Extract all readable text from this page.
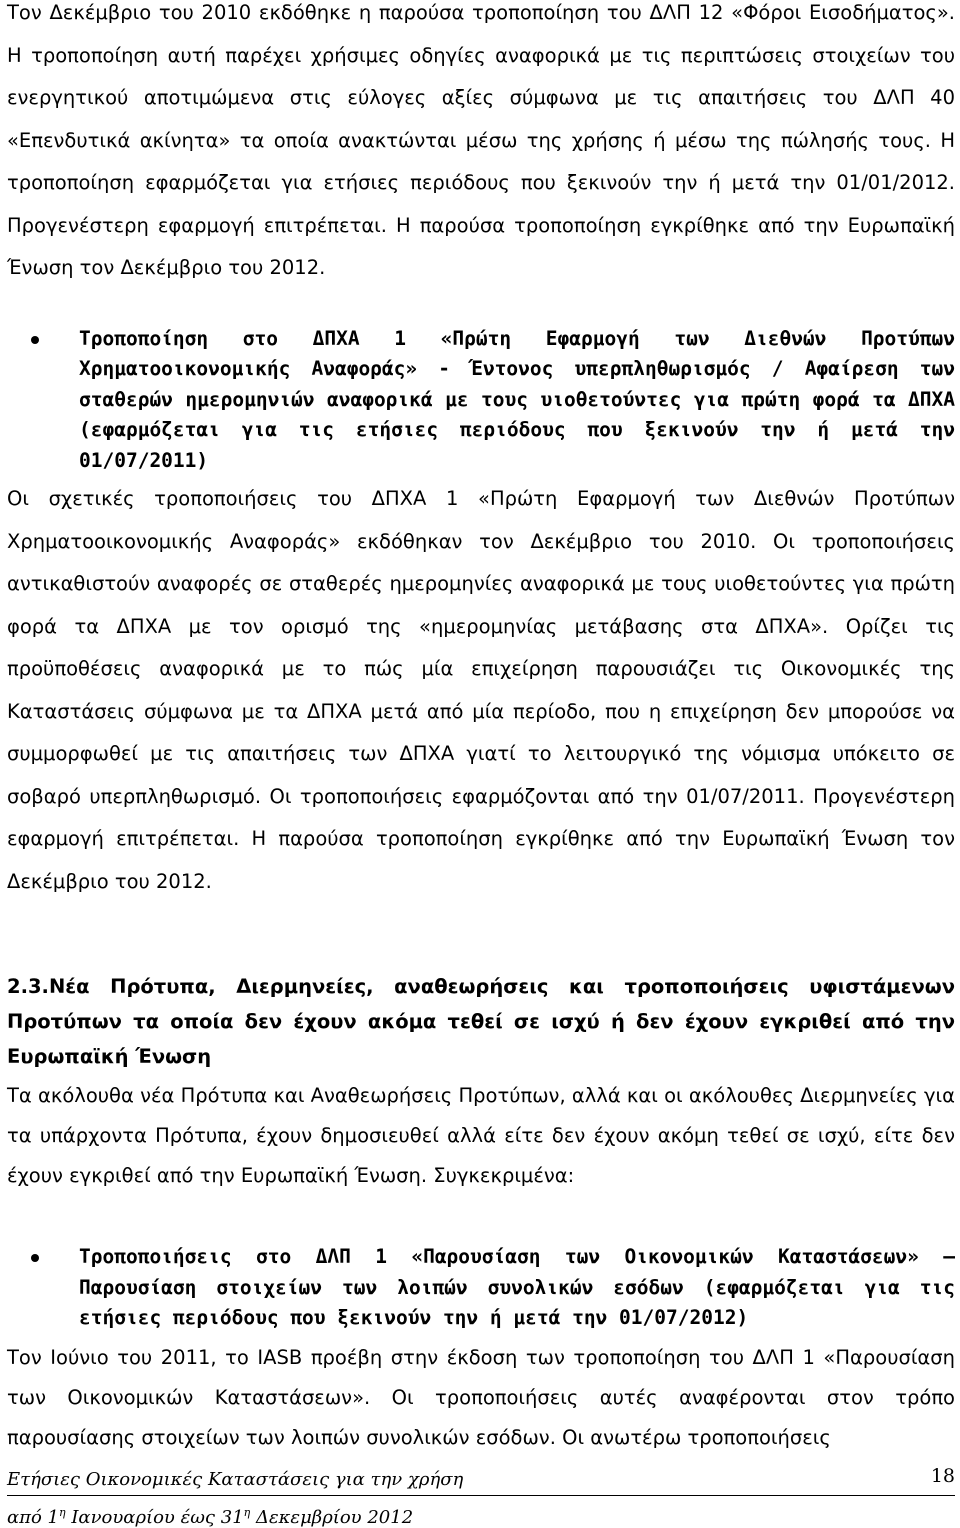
Τον Δεκέμβριο του 2010 εκδόθηκε η παρούσα τροποποίηση του ΔΛΠ 12 «Φόροι Εισοδήματος». Η τροποποίηση αυτή παρέχει χρήσιμες οδηγίες αναφορικά με τις περιπτώσεις στοιχείων του ενεργητικού αποτιμώμενα στις εύλογες αξίες σύμφωνα με τις απαιτήσεις του ΔΛΠ 40 «Επενδυτικά ακίνητα» τα οποία ανακτώνται μέσω της χρήσης ή μέσω της πώλησής τους. Η τροποποίηση εφαρμόζεται για ετήσιες περιόδους που ξεκινούν την ή μετά την 01/01/2012. Προγενέστερη εφαρμογή επιτρέπεται. Η παρούσα τροποποίηση εγκρίθηκε από την Ευρωπαϊκή Ένωση τον Δεκέμβριο του 2012.

Τροποποίηση στο ΔΠΧΑ 1 «Πρώτη Εφαρμογή των Διεθνών Προτύπων Χρηματοοικονομικής Αναφοράς» - Έντονος υπερπληθωρισμός / Αφαίρεση των σταθερών ημερομηνιών αναφορικά με τους υιοθετούντες για πρώτη φορά τα ΔΠΧΑ (εφαρμόζεται για τις ετήσιες περιόδους που ξεκινούν την ή μετά την 01/07/2011)

Οι σχετικές τροποποιήσεις του ΔΠΧΑ 1 «Πρώτη Εφαρμογή των Διεθνών Προτύπων Χρηματοοικονομικής Αναφοράς» εκδόθηκαν τον Δεκέμβριο του 2010. Οι τροποποιήσεις αντικαθιστούν αναφορές σε σταθερές ημερομηνίες αναφορικά με τους υιοθετούντες για πρώτη φορά τα ΔΠΧΑ με τον ορισμό της «ημερομηνίας μετάβασης στα ΔΠΧΑ». Ορίζει τις προϋποθέσεις αναφορικά με το πώς μία επιχείρηση παρουσιάζει τις Οικονομικές της Καταστάσεις σύμφωνα με τα ΔΠΧΑ μετά από μία περίοδο, που η επιχείρηση δεν μπορούσε να συμμορφωθεί με τις απαιτήσεις των ΔΠΧΑ γιατί το λειτουργικό της νόμισμα υπόκειτο σε σοβαρό υπερπληθωρισμό. Οι τροποποιήσεις εφαρμόζονται από την 01/07/2011. Προγενέστερη εφαρμογή επιτρέπεται. Η παρούσα τροποποίηση εγκρίθηκε από την Ευρωπαϊκή Ένωση τον Δεκέμβριο του 2012.

2.3.Νέα Πρότυπα, Διερμηνείες, αναθεωρήσεις και τροποποιήσεις υφιστάμενων Προτύπων τα οποία δεν έχουν ακόμα τεθεί σε ισχύ ή δεν έχουν εγκριθεί από την Ευρωπαϊκή Ένωση

Τα ακόλουθα νέα Πρότυπα και Αναθεωρήσεις Προτύπων, αλλά και οι ακόλουθες Διερμηνείες για τα υπάρχοντα Πρότυπα, έχουν δημοσιευθεί αλλά είτε δεν έχουν ακόμη τεθεί σε ισχύ, είτε δεν έχουν εγκριθεί από την Ευρωπαϊκή Ένωση. Συγκεκριμένα:

Τροποποιήσεις στο ΔΛΠ 1 «Παρουσίαση των Οικονομικών Καταστάσεων» – Παρουσίαση στοιχείων των λοιπών συνολικών εσόδων (εφαρμόζεται για τις ετήσιες περιόδους που ξεκινούν την ή μετά την 01/07/2012)

Τον Ιούνιο του 2011, το IASB προέβη στην έκδοση των τροποποίηση του ΔΛΠ 1 «Παρουσίαση των Οικονομικών Καταστάσεων». Οι τροποποιήσεις αυτές αναφέρονται στον τρόπο παρουσίασης στοιχείων των λοιπών συνολικών εσόδων. Οι ανωτέρω τροποποιήσεις

Ετήσιες Οικονομικές Καταστάσεις για την χρήση	18
από $1^\eta$ Ιανουαρίου έως $31^\eta$ Δεκεμβρίου 2012
